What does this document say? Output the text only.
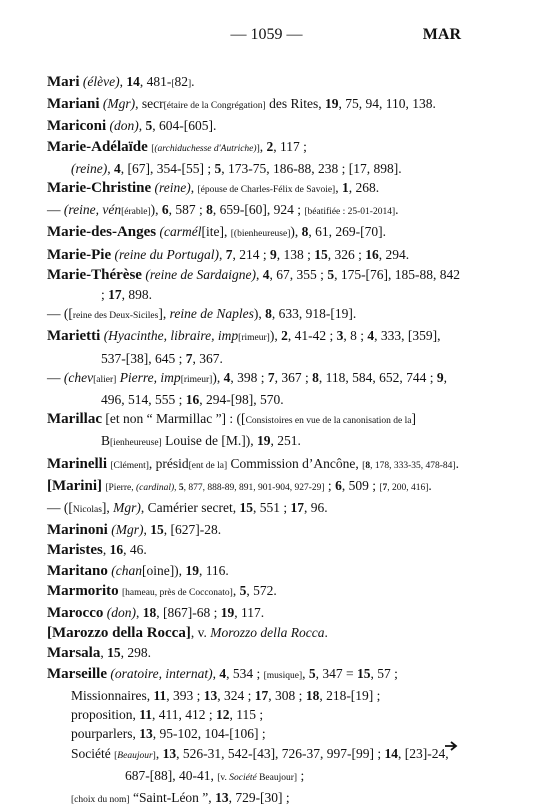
— 1059 —	MAR
Mari (élève), 14, 481-[82].
Mariani (Mgr), secr[étaire de la Congrégation] des Rites, 19, 75, 94, 110, 138.
Mariconi (don), 5, 604-[605].
Marie-Adélaïde [(archiduchesse d'Autriche)], 2, 117 ;
(reine), 4, [67], 354-[55] ; 5, 173-75, 186-88, 238 ; [17, 898].
Marie-Christine (reine), [épouse de Charles-Félix de Savoie], 1, 268.
— (reine, vén[érable]), 6, 587 ; 8, 659-[60], 924 ; [béatifiée : 25-01-2014].
Marie-des-Anges (carmél[ite], [(bienheureuse]), 8, 61, 269-[70].
Marie-Pie (reine du Portugal), 7, 214 ; 9, 138 ; 15, 326 ; 16, 294.
Marie-Thérèse (reine de Sardaigne), 4, 67, 355 ; 5, 175-[76], 185-88, 842 ; 17, 898.
— ([reine des Deux-Siciles], reine de Naples), 8, 633, 918-[19].
Marietti (Hyacinthe, libraire, imp[rimeur]), 2, 41-42 ; 3, 8 ; 4, 333, [359], 537-[38], 645 ; 7, 367.
— (chev[alier] Pierre, imp[rimeur]), 4, 398 ; 7, 367 ; 8, 118, 584, 652, 744 ; 9, 496, 514, 555 ; 16, 294-[98], 570.
Marillac [et non “ Marmillac ”] : ([Consistoires en vue de la canonisation de la] B[ienheureuse] Louise de [M.]), 19, 251.
Marinelli [Clément], présid[ent de la] Commission d’Ancône, [8, 178, 333-35, 478-84].
[Marini] [Pierre, (cardinal), 5, 877, 888-89, 891, 901-904, 927-29] ; 6, 509 ; [7, 200, 416].
— ([Nicolas], Mgr), Camérier secret, 15, 551 ; 17, 96.
Marinoni (Mgr), 15, [627]-28.
Maristes, 16, 46.
Maritano (chan[oine]), 19, 116.
Marmorito [hameau, près de Cocconato], 5, 572.
Marocco (don), 18, [867]-68 ; 19, 117.
[Marozzo della Rocca], v. Morozzo della Rocca.
Marsala, 15, 298.
Marseille (oratoire, internat), 4, 534 ; [musique], 5, 347 = 15, 57 ;
Missionnaires, 11, 393 ; 13, 324 ; 17, 308 ; 18, 218-[19] ;
proposition, 11, 411, 412 ; 12, 115 ;
pourparlers, 13, 95-102, 104-[106] ;
Société [Beaujour], 13, 526-31, 542-[43], 726-37, 997-[99] ; 14, [23]-24, 687-[88], 40-41, [v. Société Beaujour] ;
[choix du nom] “Saint-Léon ”, 13, 729-[30] ;
